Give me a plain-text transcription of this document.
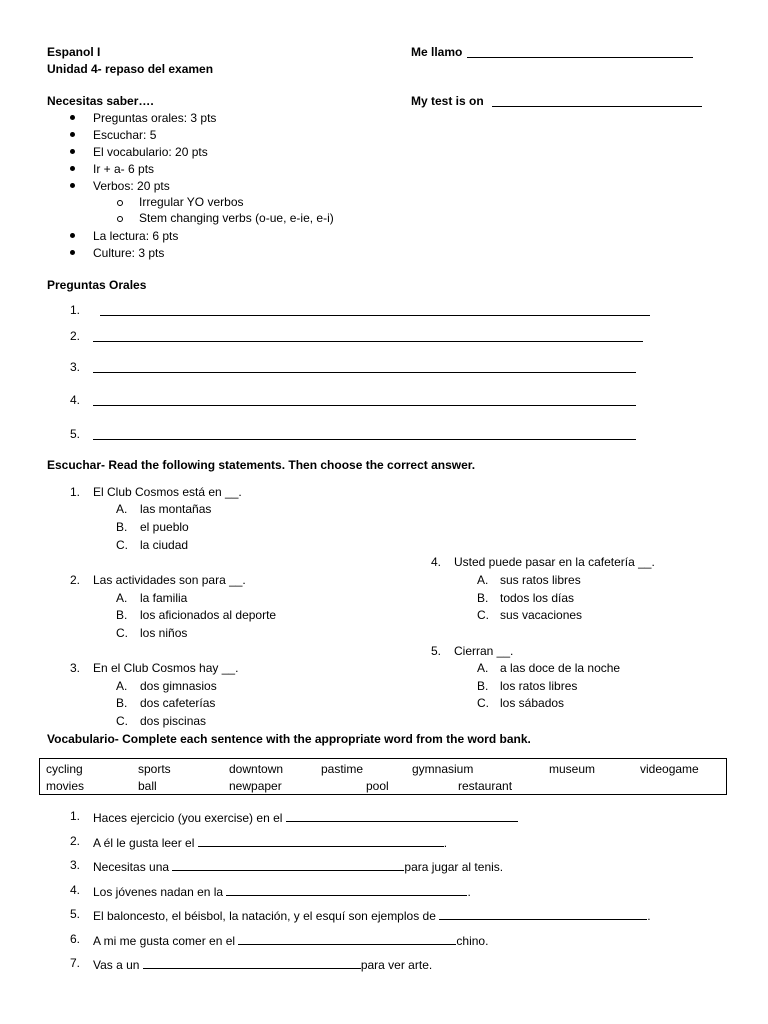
Espanol I
Unidad 4- repaso del examen
Me llamo
My test is on
Necesitas saber….
Preguntas orales: 3 pts
Escuchar: 5
El vocabulario: 20 pts
Ir + a- 6 pts
Verbos: 20 pts
Irregular YO verbos
Stem changing verbs (o-ue, e-ie, e-i)
La lectura: 6 pts
Culture: 3 pts
Preguntas Orales
1.
2.
3.
4.
5.
Escuchar- Read the following statements. Then choose the correct answer.
1. El Club Cosmos está en __.
A. las montañas
B. el pueblo
C. la ciudad
2. Las actividades son para __.
A. la familia
B. los aficionados al deporte
C. los niños
3. En el Club Cosmos hay __.
A. dos gimnasios
B. dos cafeterías
C. dos piscinas
4. Usted puede pasar en la cafetería __.
A. sus ratos libres
B. todos los días
C. sus vacaciones
5. Cierran __.
A. a las doce de la noche
B. los ratos libres
C. los sábados
Vocabulario- Complete each sentence with the appropriate word from the word bank.
cycling	sports	downtown	pastime	gymnasium	museum	videogame
movies	ball	newpaper	pool	restaurant
1. Haces ejercicio (you exercise) en el
2. A él le gusta leer el	.
3. Necesitas una	para jugar al tenis.
4. Los jóvenes nadan en la	.
5. El baloncesto, el béisbol, la natación, y el esquí son ejemplos de	.
6. A mi me gusta comer en el	chino.
7. Vas a un	para ver arte.
